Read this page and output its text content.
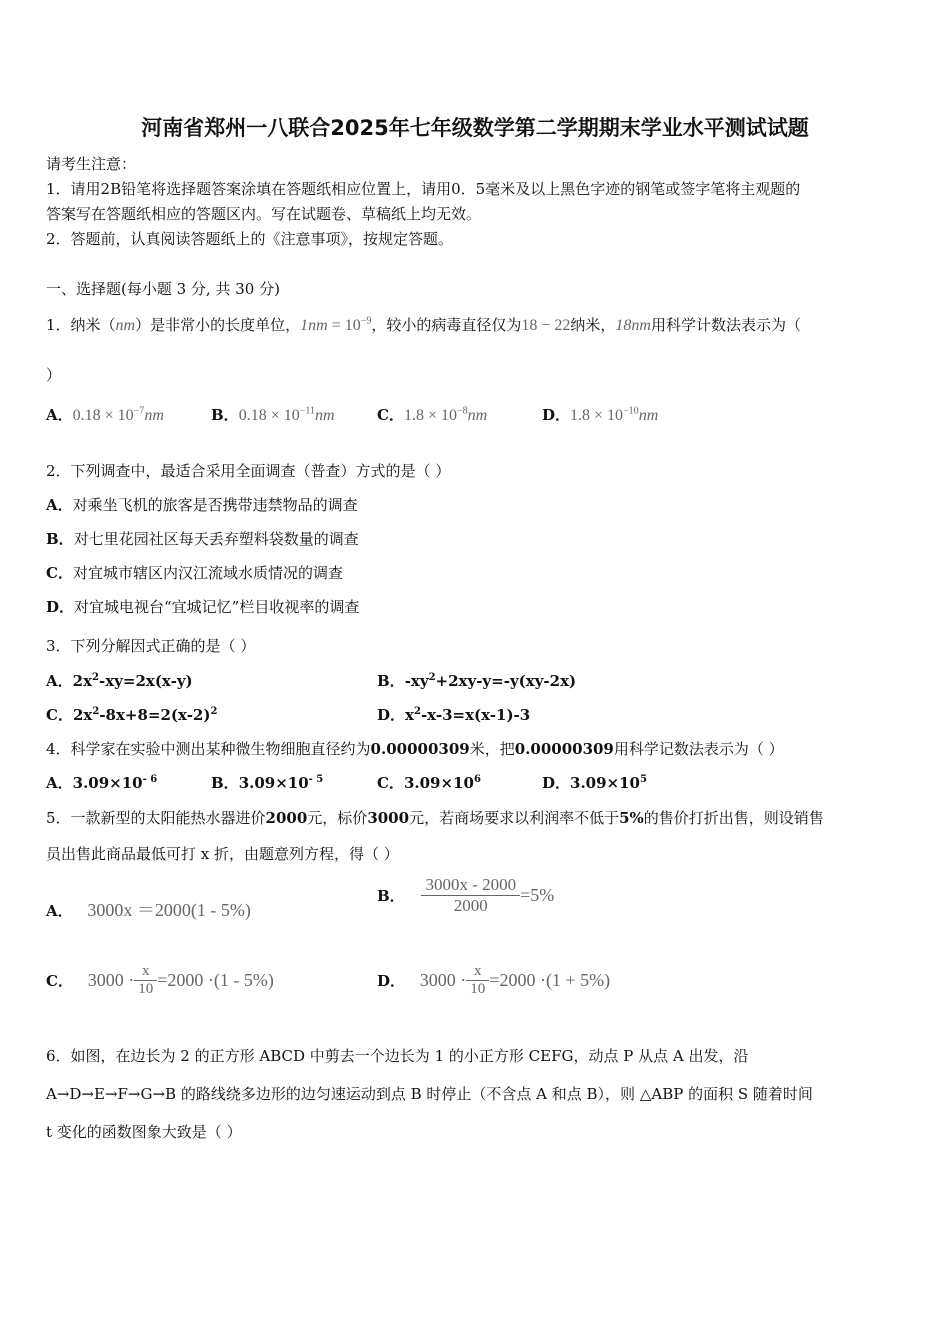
河南省郑州一八联合2025年七年级数学第二学期期末学业水平测试试题
请考生注意：
1．请用2B铅笔将选择题答案涂填在答题纸相应位置上，请用0．5毫米及以上黑色字迹的钢笔或签字笔将主观题的
答案写在答题纸相应的答题区内。写在试题卷、草稿纸上均无效。
2．答题前，认真阅读答题纸上的《注意事项》，按规定答题。
一、选择题(每小题 3 分, 共 30 分)
1．纳米（nm）是非常小的长度单位，$1nm = 10^{-9}$，较小的病毒直径仅为18 − 22纳米，18nm用科学计数法表示为（
）
A．$0.18 \times 10^{-7}nm$	B．$0.18 \times 10^{-11}nm$	C．$1.8 \times 10^{-8}nm$	D．$1.8 \times 10^{-10}nm$
2．下列调查中，最适合采用全面调查（普查）方式的是（ ）
A．对乘坐飞机的旅客是否携带违禁物品的调查
B．对七里花园社区每天丢弃塑料袋数量的调查
C．对宜城市辖区内汉江流域水质情况的调查
D．对宜城电视台“宜城记忆”栏目收视率的调查
3．下列分解因式正确的是（ ）
A．$2x^2-xy=2x(x-y)$	B．$-xy^2+2xy-y=-y(xy-2x)$
C．$2x^2-8x+8=2(x-2)^2$	D．$x^2-x-3=x(x-1)-3$
4．科学家在实验中测出某种微生物细胞直径约为0.00000309米，把0.00000309用科学记数法表示为（ ）
A．$3.09\times 10^{- 6}$	B．$3.09\times 10^{- 5}$	C．$3.09\times 10^6$	D．$3.09\times 10^5$
5．一款新型的太阳能热水器进价2000元，标价3000元，若商场要求以利润率不低于5%的售价打折出售，则设销售
员出售此商品最低可打 x 折，由题意列方程，得（ ）
A． 3000x ＝2000(1 - 5%)
B． $\frac{3000x - 2000}{2000} =5\%$
C． $3000 \cdot \frac{x}{10} =2000 \cdot(1 - 5\%)$	D． $3000 \cdot \frac{x}{10} =2000 \cdot(1 + 5\%)$
6．如图，在边长为 2 的正方形 ABCD 中剪去一个边长为 1 的小正方形 CEFG，动点 P 从点 A 出发，沿
A→D→E→F→G→B 的路线绕多边形的边匀速运动到点 B 时停止（不含点 A 和点 B），则 △ABP 的面积 S 随着时间
t 变化的函数图象大致是（ ）
